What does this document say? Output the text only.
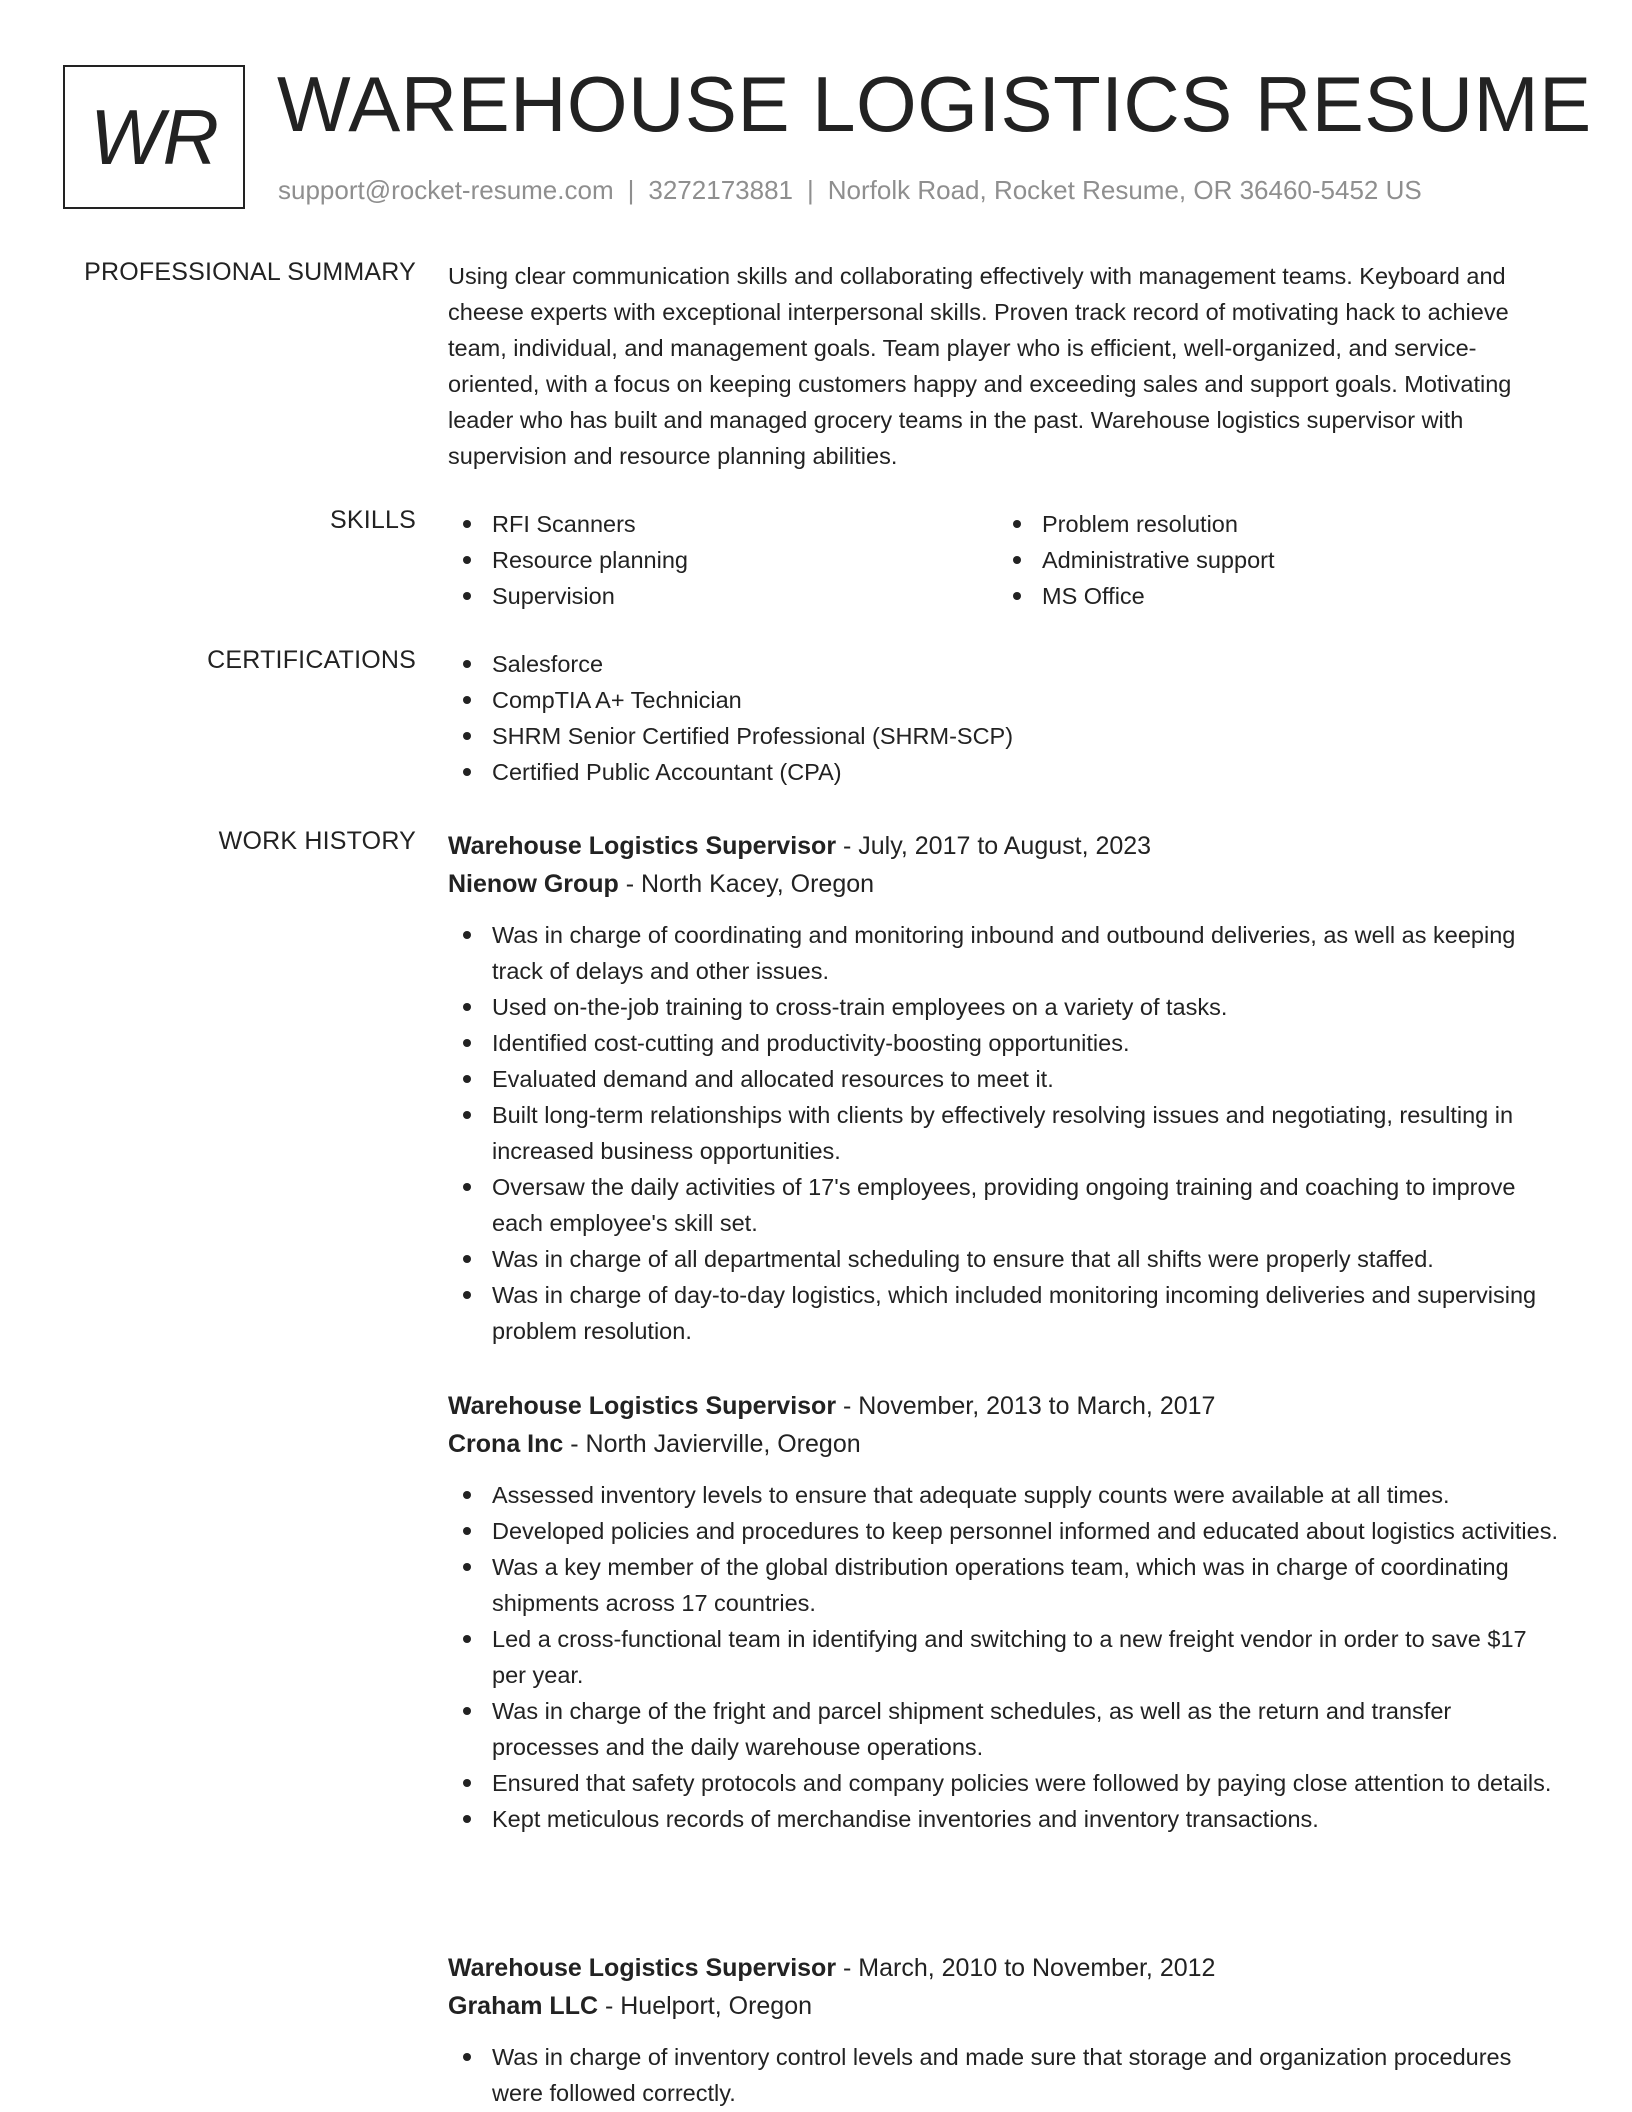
WR WAREHOUSE LOGISTICS RESUME
support@rocket-resume.com | 3272173881 | Norfolk Road, Rocket Resume, OR 36460-5452 US
PROFESSIONAL SUMMARY Using clear communication skills and collaborating effectively with management teams. Keyboard and cheese experts with exceptional interpersonal skills. Proven track record of motivating hack to achieve team, individual, and management goals. Team player who is efficient, well-organized, and service-oriented, with a focus on keeping customers happy and exceeding sales and support goals. Motivating leader who has built and managed grocery teams in the past. Warehouse logistics supervisor with supervision and resource planning abilities.
SKILLS	RFI Scanners
Resource planning
Supervision
Problem resolution
Administrative support
MS Office
CERTIFICATIONS	Salesforce
CompTIA A+ Technician
SHRM Senior Certified Professional (SHRM-SCP)
Certified Public Accountant (CPA)
WORK HISTORY Warehouse Logistics Supervisor - July, 2017 to August, 2023
Nienow Group - North Kacey, Oregon
Was in charge of coordinating and monitoring inbound and outbound deliveries, as well as keeping track of delays and other issues.
Used on-the-job training to cross-train employees on a variety of tasks.
Identified cost-cutting and productivity-boosting opportunities.
Evaluated demand and allocated resources to meet it.
Built long-term relationships with clients by effectively resolving issues and negotiating, resulting in increased business opportunities.
Oversaw the daily activities of 17's employees, providing ongoing training and coaching to improve each employee's skill set.
Was in charge of all departmental scheduling to ensure that all shifts were properly staffed.
Was in charge of day-to-day logistics, which included monitoring incoming deliveries and supervising problem resolution.
Warehouse Logistics Supervisor - November, 2013 to March, 2017
Crona Inc - North Javierville, Oregon
Assessed inventory levels to ensure that adequate supply counts were available at all times.
Developed policies and procedures to keep personnel informed and educated about logistics activities.
Was a key member of the global distribution operations team, which was in charge of coordinating shipments across 17 countries.
Led a cross-functional team in identifying and switching to a new freight vendor in order to save $17 per year.
Was in charge of the fright and parcel shipment schedules, as well as the return and transfer processes and the daily warehouse operations.
Ensured that safety protocols and company policies were followed by paying close attention to details.
Kept meticulous records of merchandise inventories and inventory transactions.
Warehouse Logistics Supervisor - March, 2010 to November, 2012
Graham LLC - Huelport, Oregon
Was in charge of inventory control levels and made sure that storage and organization procedures were followed correctly.
